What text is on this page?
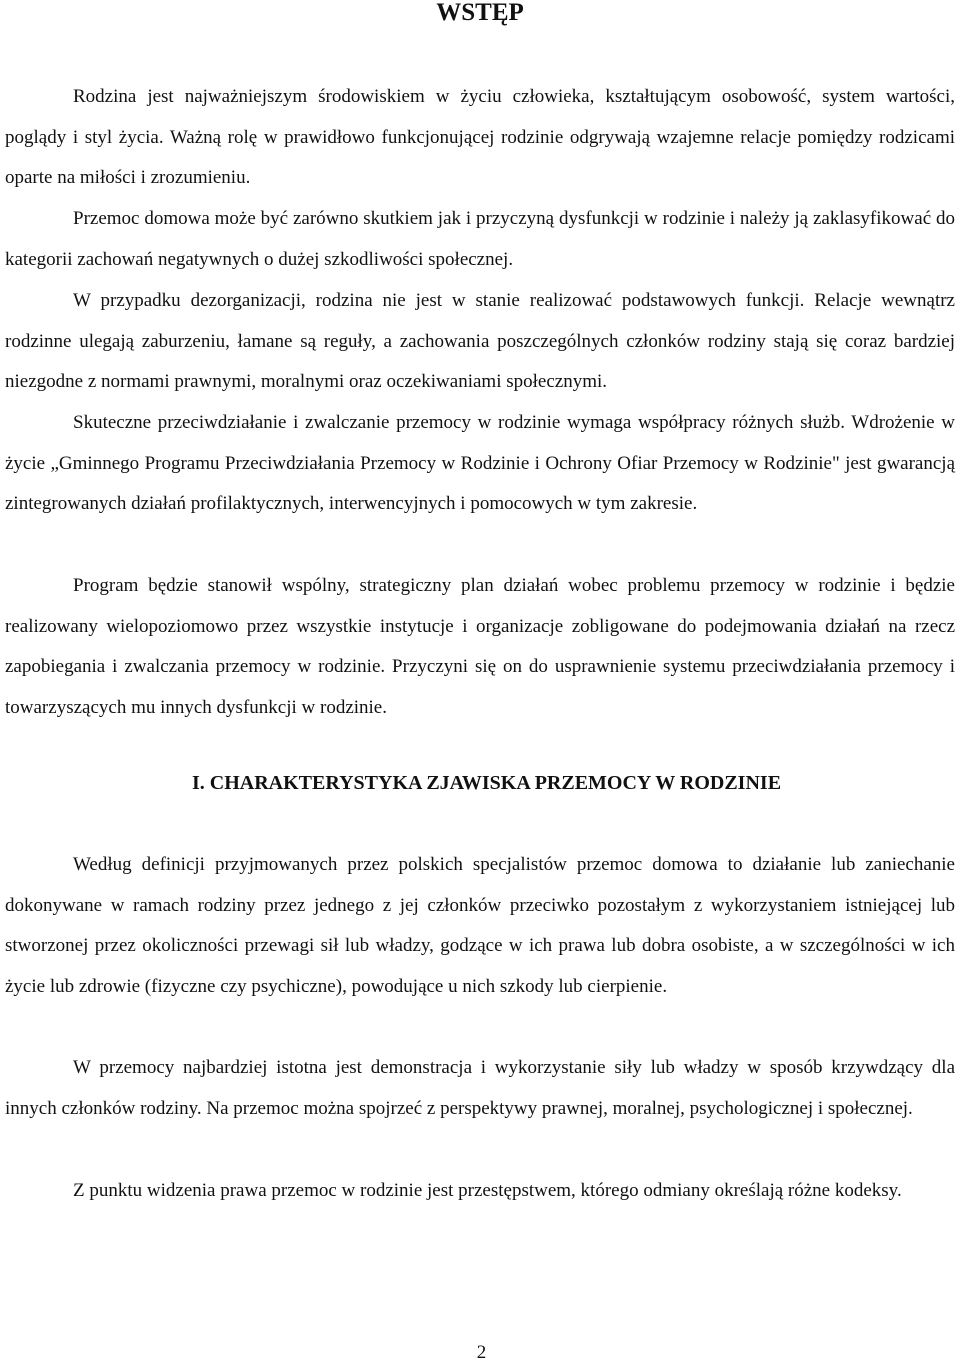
WSTĘP

Rodzina jest najważniejszym środowiskiem w życiu człowieka, kształtującym osobowość, system wartości, poglądy i styl życia. Ważną rolę w prawidłowo funkcjonującej rodzinie odgrywają wzajemne relacje pomiędzy rodzicami oparte na miłości i zrozumieniu.

Przemoc domowa może być zarówno skutkiem jak i przyczyną dysfunkcji w rodzinie i należy ją zaklasyfikować do kategorii zachowań negatywnych o dużej szkodliwości społecznej.

W przypadku dezorganizacji, rodzina nie jest w stanie realizować podstawowych funkcji. Relacje wewnątrz rodzinne ulegają zaburzeniu, łamane są reguły, a zachowania poszczególnych członków rodziny stają się coraz bardziej niezgodne z normami prawnymi, moralnymi oraz oczekiwaniami społecznymi.

Skuteczne przeciwdziałanie i zwalczanie przemocy w rodzinie wymaga współpracy różnych służb. Wdrożenie w życie „Gminnego Programu Przeciwdziałania Przemocy w Rodzinie i Ochrony Ofiar Przemocy w Rodzinie" jest gwarancją zintegrowanych działań profilaktycznych, interwencyjnych i pomocowych w tym zakresie.

Program będzie stanowił wspólny, strategiczny plan działań wobec problemu przemocy w rodzinie i będzie realizowany wielopoziomowo przez wszystkie instytucje i organizacje zobligowane do podejmowania działań na rzecz zapobiegania i zwalczania przemocy w rodzinie. Przyczyni się on do usprawnienie systemu przeciwdziałania przemocy i towarzyszących mu innych dysfunkcji w rodzinie.

I. CHARAKTERYSTYKA ZJAWISKA PRZEMOCY W RODZINIE

Według definicji przyjmowanych przez polskich specjalistów przemoc domowa to działanie lub zaniechanie dokonywane w ramach rodziny przez jednego z jej członków przeciwko pozostałym z wykorzystaniem istniejącej lub stworzonej przez okoliczności przewagi sił lub władzy, godzące w ich prawa lub dobra osobiste, a w szczególności w ich życie lub zdrowie (fizyczne czy psychiczne), powodujące u nich szkody lub cierpienie.

W przemocy najbardziej istotna jest demonstracja i wykorzystanie siły lub władzy w sposób krzywdzący dla innych członków rodziny. Na przemoc można spojrzeć z perspektywy prawnej, moralnej, psychologicznej i społecznej.

Z punktu widzenia prawa przemoc w rodzinie jest przestępstwem, którego odmiany określają różne kodeksy.

2
